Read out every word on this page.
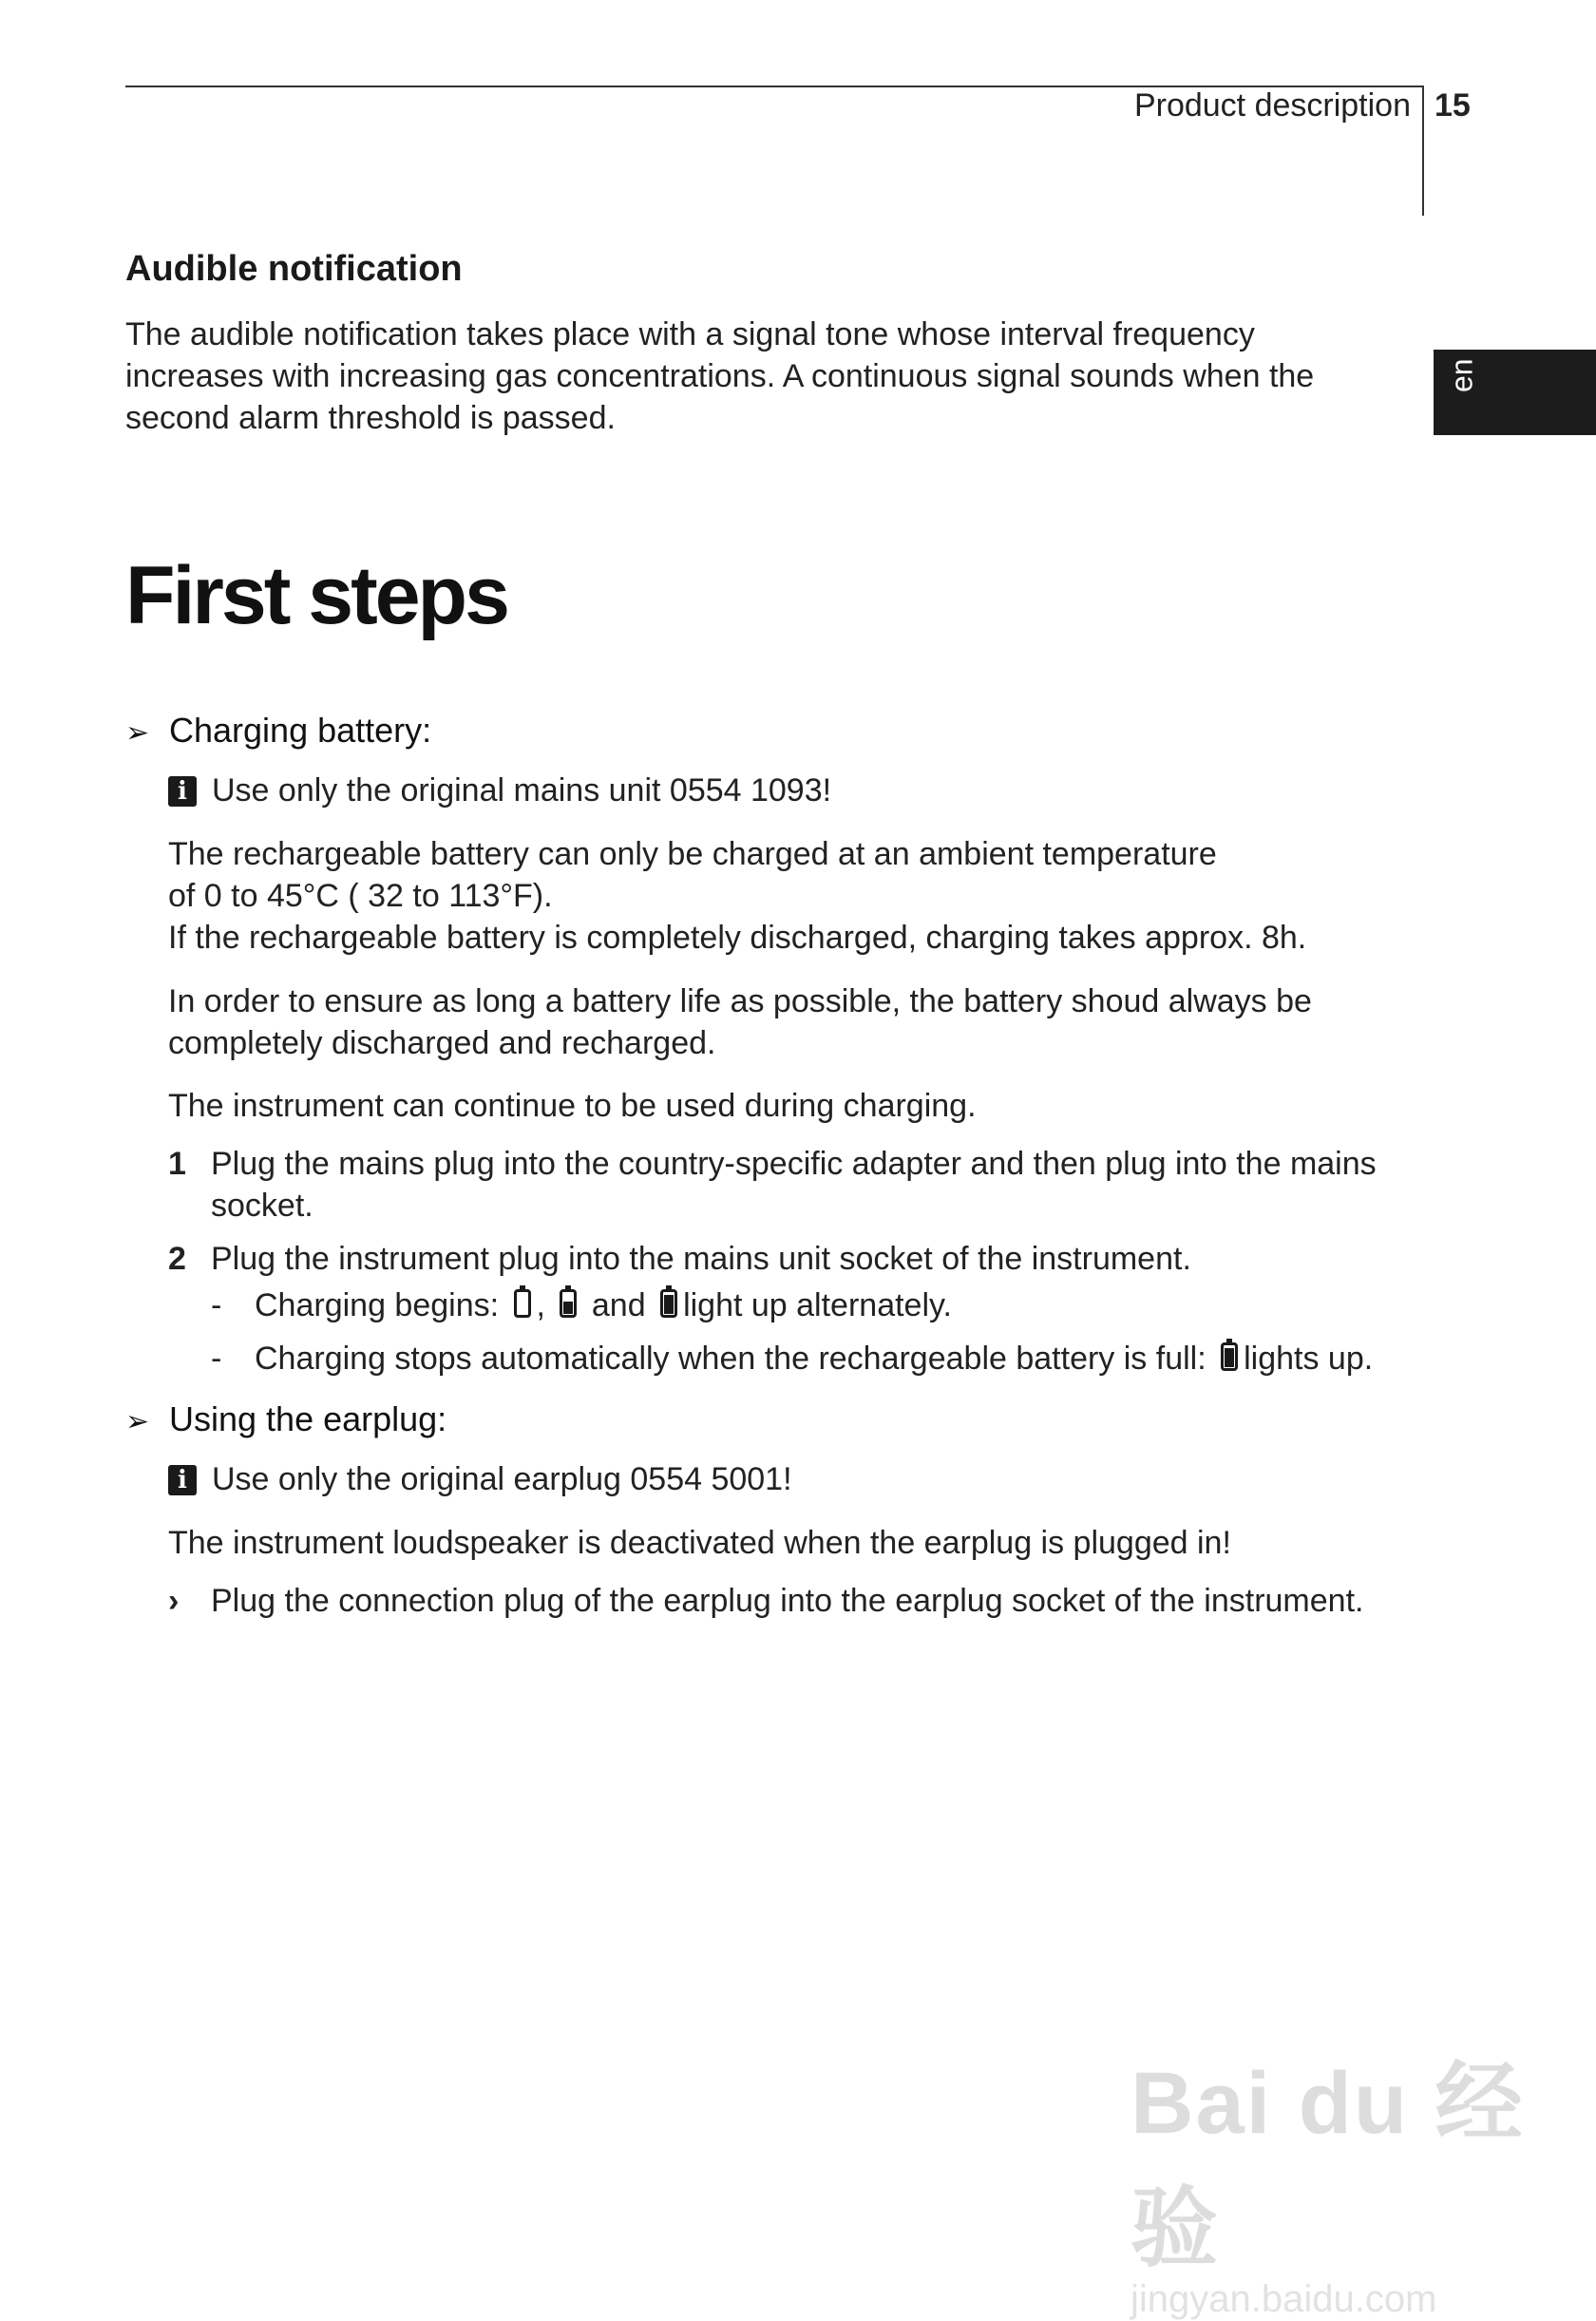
Product description 15
en
Audible notification

The audible notification takes place with a signal tone whose interval frequency

increases with increasing gas concentrations. A continuous signal sounds when the

second alarm threshold is passed.

First steps
➢ Charging battery:
i Use only the original mains unit 0554 1093!

The rechargeable battery can only be charged at an ambient temperature

of 0 to 45°C ( 32 to 113°F).

If the rechargeable battery is completely discharged, charging takes approx. 8h.

In order to ensure as long a battery life as possible, the battery shoud always be

completely discharged and recharged.

The instrument can continue to be used during charging.

1 Plug the mains plug into the country-specific adapter and then plug into the mains
socket.
2 Plug the instrument plug into the mains unit socket of the instrument.
- Charging begins: , and light up alternately.
- Charging stops automatically when the rechargeable battery is full: lights up.
➢ Using the earplug:
i Use only the original earplug 0554 5001!

The instrument loudspeaker is deactivated when the earplug is plugged in!

› Plug the connection plug of the earplug into the earplug socket of the instrument.
Bai du 经验
jingyan.baidu.com
